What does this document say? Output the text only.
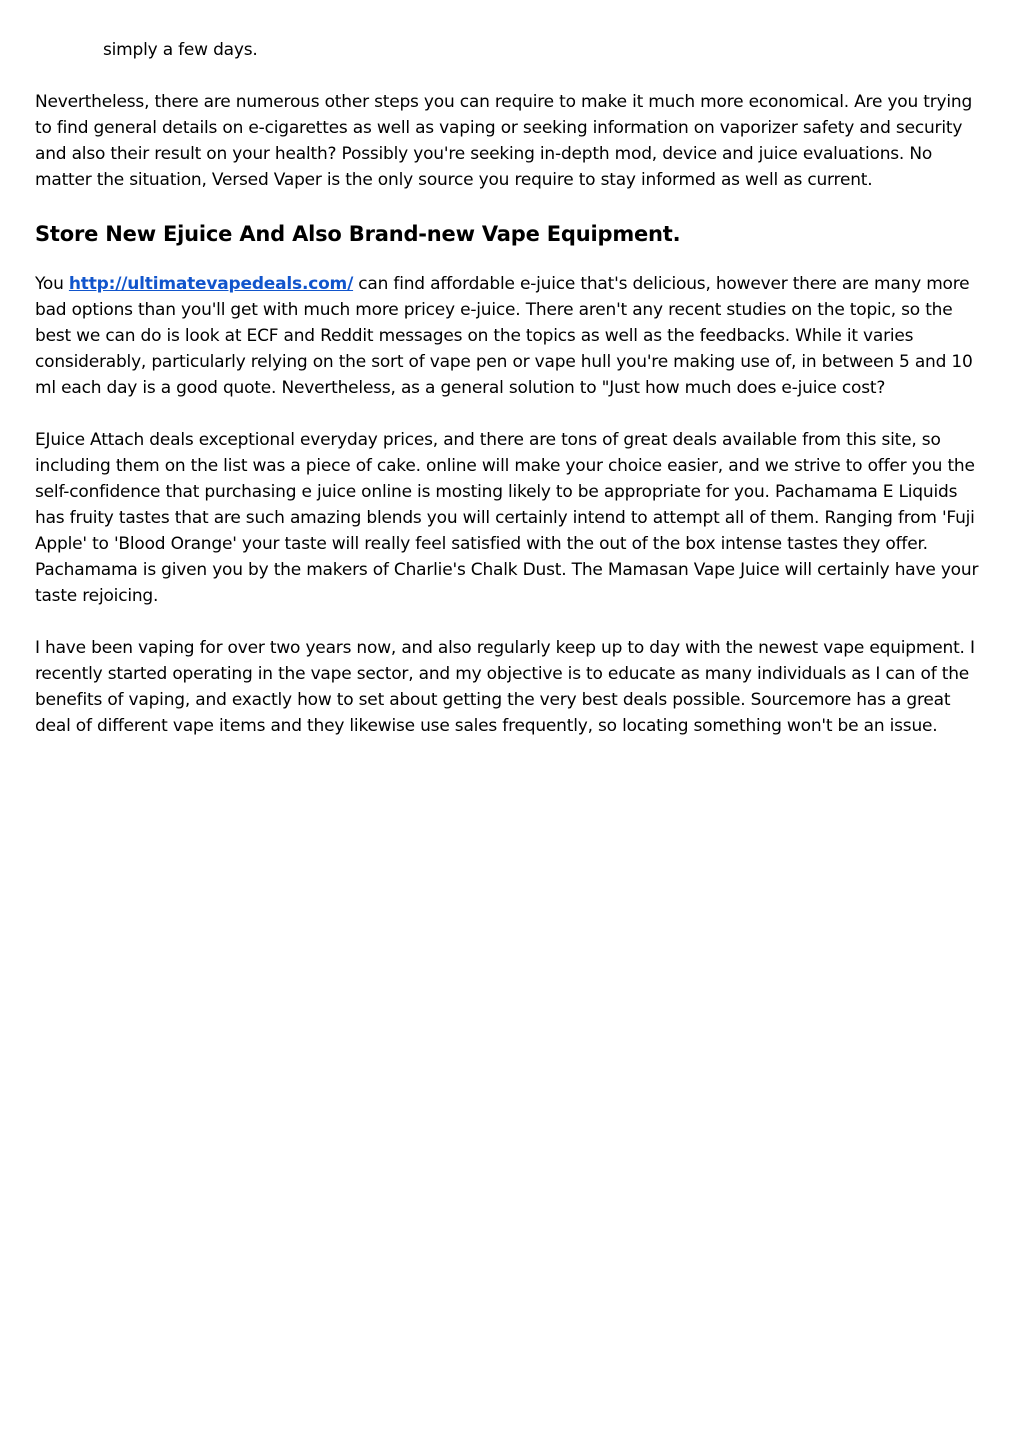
simply a few days.

Nevertheless, there are numerous other steps you can require to make it much more economical. Are you trying to find general details on e-cigarettes as well as vaping or seeking information on vaporizer safety and security and also their result on your health? Possibly you're seeking in-depth mod, device and juice evaluations. No matter the situation, Versed Vaper is the only source you require to stay informed as well as current.

Store New Ejuice And Also Brand-new Vape Equipment.

You http://ultimatevapedeals.com/ can find affordable e-juice that's delicious, however there are many more bad options than you'll get with much more pricey e-juice. There aren't any recent studies on the topic, so the best we can do is look at ECF and Reddit messages on the topics as well as the feedbacks. While it varies considerably, particularly relying on the sort of vape pen or vape hull you're making use of, in between 5 and 10 ml each day is a good quote. Nevertheless, as a general solution to "Just how much does e-juice cost?

EJuice Attach deals exceptional everyday prices, and there are tons of great deals available from this site, so including them on the list was a piece of cake. online will make your choice easier, and we strive to offer you the self-confidence that purchasing e juice online is mosting likely to be appropriate for you. Pachamama E Liquids has fruity tastes that are such amazing blends you will certainly intend to attempt all of them. Ranging from 'Fuji Apple' to 'Blood Orange' your taste will really feel satisfied with the out of the box intense tastes they offer. Pachamama is given you by the makers of Charlie's Chalk Dust. The Mamasan Vape Juice will certainly have your taste rejoicing.

I have been vaping for over two years now, and also regularly keep up to day with the newest vape equipment. I recently started operating in the vape sector, and my objective is to educate as many individuals as I can of the benefits of vaping, and exactly how to set about getting the very best deals possible. Sourcemore has a great deal of different vape items and they likewise use sales frequently, so locating something won't be an issue.
